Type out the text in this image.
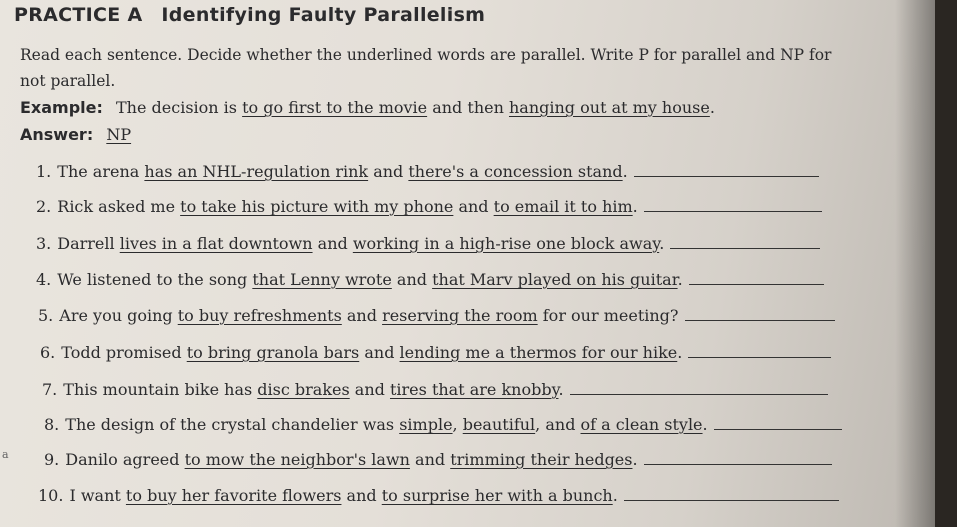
PRACTICE A Identifying Faulty Parallelism
Read each sentence. Decide whether the underlined words are parallel. Write P for parallel and NP for not parallel.
Example: The decision is to go first to the movie and then hanging out at my house.
Answer: NP
1. The arena has an NHL-regulation rink and there's a concession stand.
2. Rick asked me to take his picture with my phone and to email it to him.
3. Darrell lives in a flat downtown and working in a high-rise one block away.
4. We listened to the song that Lenny wrote and that Marv played on his guitar.
5. Are you going to buy refreshments and reserving the room for our meeting?
6. Todd promised to bring granola bars and lending me a thermos for our hike.
7. This mountain bike has disc brakes and tires that are knobby.
8. The design of the crystal chandelier was simple, beautiful, and of a clean style.
9. Danilo agreed to mow the neighbor's lawn and trimming their hedges.
10. I want to buy her favorite flowers and to surprise her with a bunch.
a
